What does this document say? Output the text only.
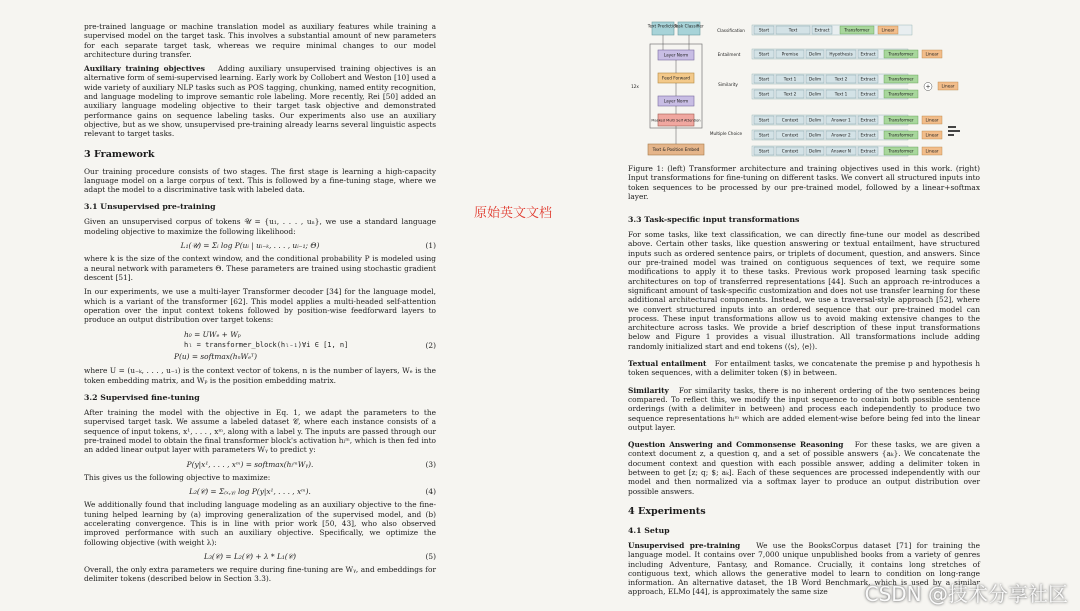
pre-trained language or machine translation model as auxiliary features while training a supervised model on the target task. This involves a substantial amount of new parameters for each separate target task, whereas we require minimal changes to our model architecture during transfer.

Auxiliary training objectives Adding auxiliary unsupervised training objectives is an alternative form of semi-supervised learning. Early work by Collobert and Weston [10] used a wide variety of auxiliary NLP tasks such as POS tagging, chunking, named entity recognition, and language modeling to improve semantic role labeling. More recently, Rei [50] added an auxiliary language modeling objective to their target task objective and demonstrated performance gains on sequence labeling tasks. Our experiments also use an auxiliary objective, but as we show, unsupervised pre-training already learns several linguistic aspects relevant to target tasks.

3 Framework

Our training procedure consists of two stages. The first stage is learning a high-capacity language model on a large corpus of text. This is followed by a fine-tuning stage, where we adapt the model to a discriminative task with labeled data.

3.1 Unsupervised pre-training

Given an unsupervised corpus of tokens 𝒰 = {u₁, . . . , uₙ}, we use a standard language modeling objective to maximize the following likelihood:

L₁(𝒰) = Σᵢ log P(uᵢ | uᵢ₋ₖ, . . . , uᵢ₋₁; Θ)	(1)

where k is the size of the context window, and the conditional probability P is modeled using a neural network with parameters Θ. These parameters are trained using stochastic gradient descent [51].

In our experiments, we use a multi-layer Transformer decoder [34] for the language model, which is a variant of the transformer [62]. This model applies a multi-headed self-attention operation over the input context tokens followed by position-wise feedforward layers to produce an output distribution over target tokens:

h₀ = UWₑ + Wₚ
hₗ = transformer_block(hₗ₋₁)∀i ∈ [1, n]	(2)
P(u) = softmax(hₙWₑᵀ)

where U = (u₋ₖ, . . . , u₋₁) is the context vector of tokens, n is the number of layers, Wₑ is the token embedding matrix, and Wₚ is the position embedding matrix.

3.2 Supervised fine-tuning

After training the model with the objective in Eq. 1, we adapt the parameters to the supervised target task. We assume a labeled dataset 𝒞, where each instance consists of a sequence of input tokens, x¹, . . . , xᵐ, along with a label y. The inputs are passed through our pre-trained model to obtain the final transformer block's activation hₗᵐ, which is then fed into an added linear output layer with parameters Wᵧ to predict y:

P(y|x¹, . . . , xᵐ) = softmax(hₗᵐWᵧ).	(3)

This gives us the following objective to maximize:

L₂(𝒞) = Σ₍ₓ,ᵧ₎ log P(y|x¹, . . . , xᵐ).	(4)

We additionally found that including language modeling as an auxiliary objective to the fine-tuning helped learning by (a) improving generalization of the supervised model, and (b) accelerating convergence. This is in line with prior work [50, 43], who also observed improved performance with such an auxiliary objective. Specifically, we optimize the following objective (with weight λ):

L₃(𝒞) = L₂(𝒞) + λ * L₁(𝒞)	(5)

Overall, the only extra parameters we require during fine-tuning are Wᵧ, and embeddings for delimiter tokens (described below in Section 3.3).

原始英文文档
Text Prediction
Task Classifier
Layer Norm
Feed Forward
Layer Norm
Masked Multi Self Attention
Text & Position Embed
12x
Classification
Entailment
Similarity
Multiple Choice
Start	Text	Extract	Transformer	Linear
Start	Premise	Delim Hypothesis Extract	Transformer	Linear
Start	Text 1	Delim	Text 2	Extract	Transformer
Start	Text 2	Delim	Text 1	Extract	Transformer
+	Linear
Start	Context	Delim Answer 1 Extract	Transformer	Linear
Start	Context	Delim Answer 2 Extract	Transformer	Linear
Start	Context	Delim Answer N Extract	Transformer	Linear

Figure 1: (left) Transformer architecture and training objectives used in this work. (right) Input transformations for fine-tuning on different tasks. We convert all structured inputs into token sequences to be processed by our pre-trained model, followed by a linear+softmax layer.

3.3 Task-specific input transformations

For some tasks, like text classification, we can directly fine-tune our model as described above. Certain other tasks, like question answering or textual entailment, have structured inputs such as ordered sentence pairs, or triplets of document, question, and answers. Since our pre-trained model was trained on contiguous sequences of text, we require some modifications to apply it to these tasks. Previous work proposed learning task specific architectures on top of transferred representations [44]. Such an approach re-introduces a significant amount of task-specific customization and does not use transfer learning for these additional architectural components. Instead, we use a traversal-style approach [52], where we convert structured inputs into an ordered sequence that our pre-trained model can process. These input transformations allow us to avoid making extensive changes to the architecture across tasks. We provide a brief description of these input transformations below and Figure 1 provides a visual illustration. All transformations include adding randomly initialized start and end tokens (⟨s⟩, ⟨e⟩).

Textual entailment For entailment tasks, we concatenate the premise p and hypothesis h token sequences, with a delimiter token ($) in between.

Similarity For similarity tasks, there is no inherent ordering of the two sentences being compared. To reflect this, we modify the input sequence to contain both possible sentence orderings (with a delimiter in between) and process each independently to produce two sequence representations hₗᵐ which are added element-wise before being fed into the linear output layer.

Question Answering and Commonsense Reasoning For these tasks, we are given a context document z, a question q, and a set of possible answers {aₖ}. We concatenate the document context and question with each possible answer, adding a delimiter token in between to get [z; q; $; aₖ]. Each of these sequences are processed independently with our model and then normalized via a softmax layer to produce an output distribution over possible answers.

4 Experiments
4.1 Setup

Unsupervised pre-training We use the BooksCorpus dataset [71] for training the language model. It contains over 7,000 unique unpublished books from a variety of genres including Adventure, Fantasy, and Romance. Crucially, it contains long stretches of contiguous text, which allows the generative model to learn to condition on long-range information. An alternative dataset, the 1B Word Benchmark, which is used by a similar approach, ELMo [44], is approximately the same size	CSDN @技术分享社区
